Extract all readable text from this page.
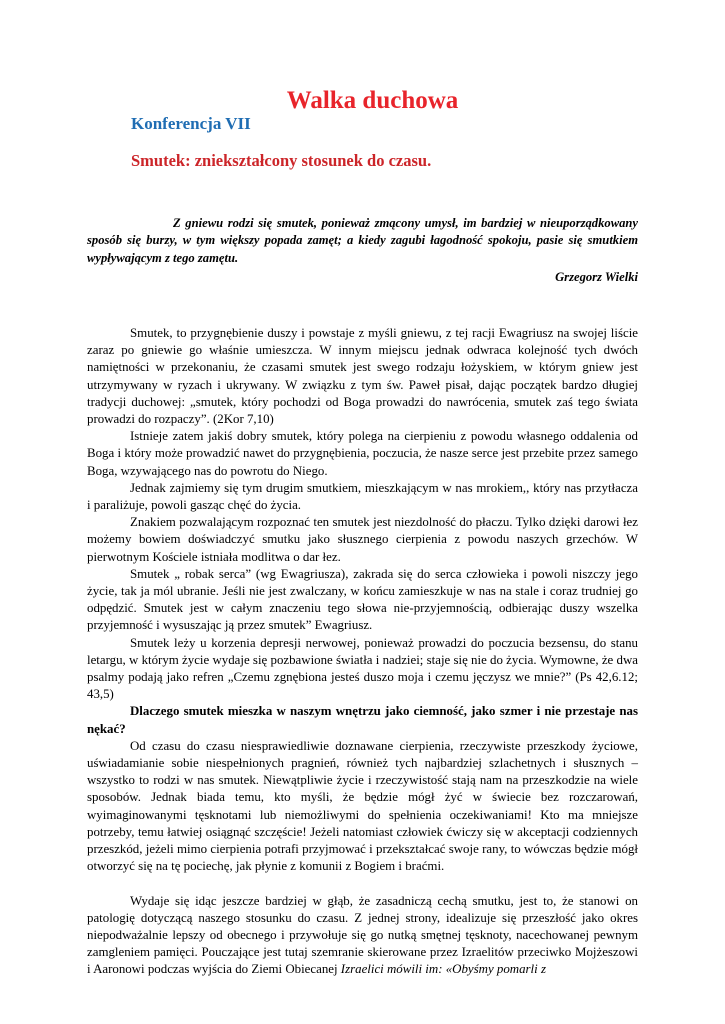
Walka duchowa
Konferencja VII
Smutek: zniekształcony stosunek do czasu.

Z gniewu rodzi się smutek, ponieważ zmącony umysł, im bardziej w nieuporządkowany sposób się burzy, w tym większy popada zamęt; a kiedy zagubi łagodność spokoju, pasie się smutkiem wypływającym z tego zamętu.

Grzegorz Wielki

Smutek, to przygnębienie duszy i powstaje z myśli gniewu, z tej racji Ewagriusz na swojej liście zaraz po gniewie go właśnie umieszcza. W innym miejscu jednak odwraca kolejność tych dwóch namiętności w przekonaniu, że czasami smutek jest swego rodzaju łożyskiem, w którym gniew jest utrzymywany w ryzach i ukrywany. W związku z tym św. Paweł pisał, dając początek bardzo długiej tradycji duchowej: „smutek, który pochodzi od Boga prowadzi do nawrócenia, smutek zaś tego świata prowadzi do rozpaczy”. (2Kor 7,10)

Istnieje zatem jakiś dobry smutek, który polega na cierpieniu z powodu własnego oddalenia od Boga i który może prowadzić nawet do przygnębienia, poczucia, że nasze serce jest przebite przez samego Boga, wzywającego nas do powrotu do Niego.

Jednak zajmiemy się tym drugim smutkiem, mieszkającym w nas mrokiem,, który nas przytłacza i paraliżuje, powoli gasząc chęć do życia.

Znakiem pozwalającym rozpoznać ten smutek jest niezdolność do płaczu. Tylko dzięki darowi łez możemy bowiem doświadczyć smutku jako słusznego cierpienia z powodu naszych grzechów. W pierwotnym Kościele istniała modlitwa o dar łez.

Smutek „ robak serca” (wg Ewagriusza), zakrada się do serca człowieka i powoli niszczy jego życie, tak ja mól ubranie. Jeśli nie jest zwalczany, w końcu zamieszkuje w nas na stale i coraz trudniej go odpędzić. Smutek jest w całym znaczeniu tego słowa nie-przyjemnością, odbierając duszy wszelka przyjemność i wysuszając ją przez smutek” Ewagriusz.

Smutek leży u korzenia depresji nerwowej, ponieważ prowadzi do poczucia bezsensu, do stanu letargu, w którym życie wydaje się pozbawione światła i nadziei; staje się nie do życia. Wymowne, że dwa psalmy podają jako refren „Czemu zgnębiona jesteś duszo moja i czemu jęczysz we mnie?” (Ps 42,6.12; 43,5)

Dlaczego smutek mieszka w naszym wnętrzu jako ciemność, jako szmer i nie przestaje nas nękać?

Od czasu do czasu niesprawiedliwie doznawane cierpienia, rzeczywiste przeszkody życiowe, uświadamianie sobie niespełnionych pragnień, również tych najbardziej szlachetnych i słusznych – wszystko to rodzi w nas smutek. Niewątpliwie życie i rzeczywistość stają nam na przeszkodzie na wiele sposobów. Jednak biada temu, kto myśli, że będzie mógł żyć w świecie bez rozczarowań, wyimaginowanymi tęsknotami lub niemożliwymi do spełnienia oczekiwaniami! Kto ma mniejsze potrzeby, temu łatwiej osiągnąć szczęście! Jeżeli natomiast człowiek ćwiczy się w akceptacji codziennych przeszkód, jeżeli mimo cierpienia potrafi przyjmować i przekształcać swoje rany, to wówczas będzie mógł otworzyć się na tę pociechę, jak płynie z komunii z Bogiem i braćmi.

Wydaje się idąc jeszcze bardziej w głąb, że zasadniczą cechą smutku, jest to, że stanowi on patologię dotyczącą naszego stosunku do czasu. Z jednej strony, idealizuje się przeszłość jako okres niepodważalnie lepszy od obecnego i przywołuje się go nutką smętnej tęsknoty, nacechowanej pewnym zamgleniem pamięci. Pouczające jest tutaj szemranie skierowane przez Izraelitów przeciwko Mojżeszowi i Aaronowi podczas wyjścia do Ziemi Obiecanej Izraelici mówili im: «Obyśmy pomarli z
